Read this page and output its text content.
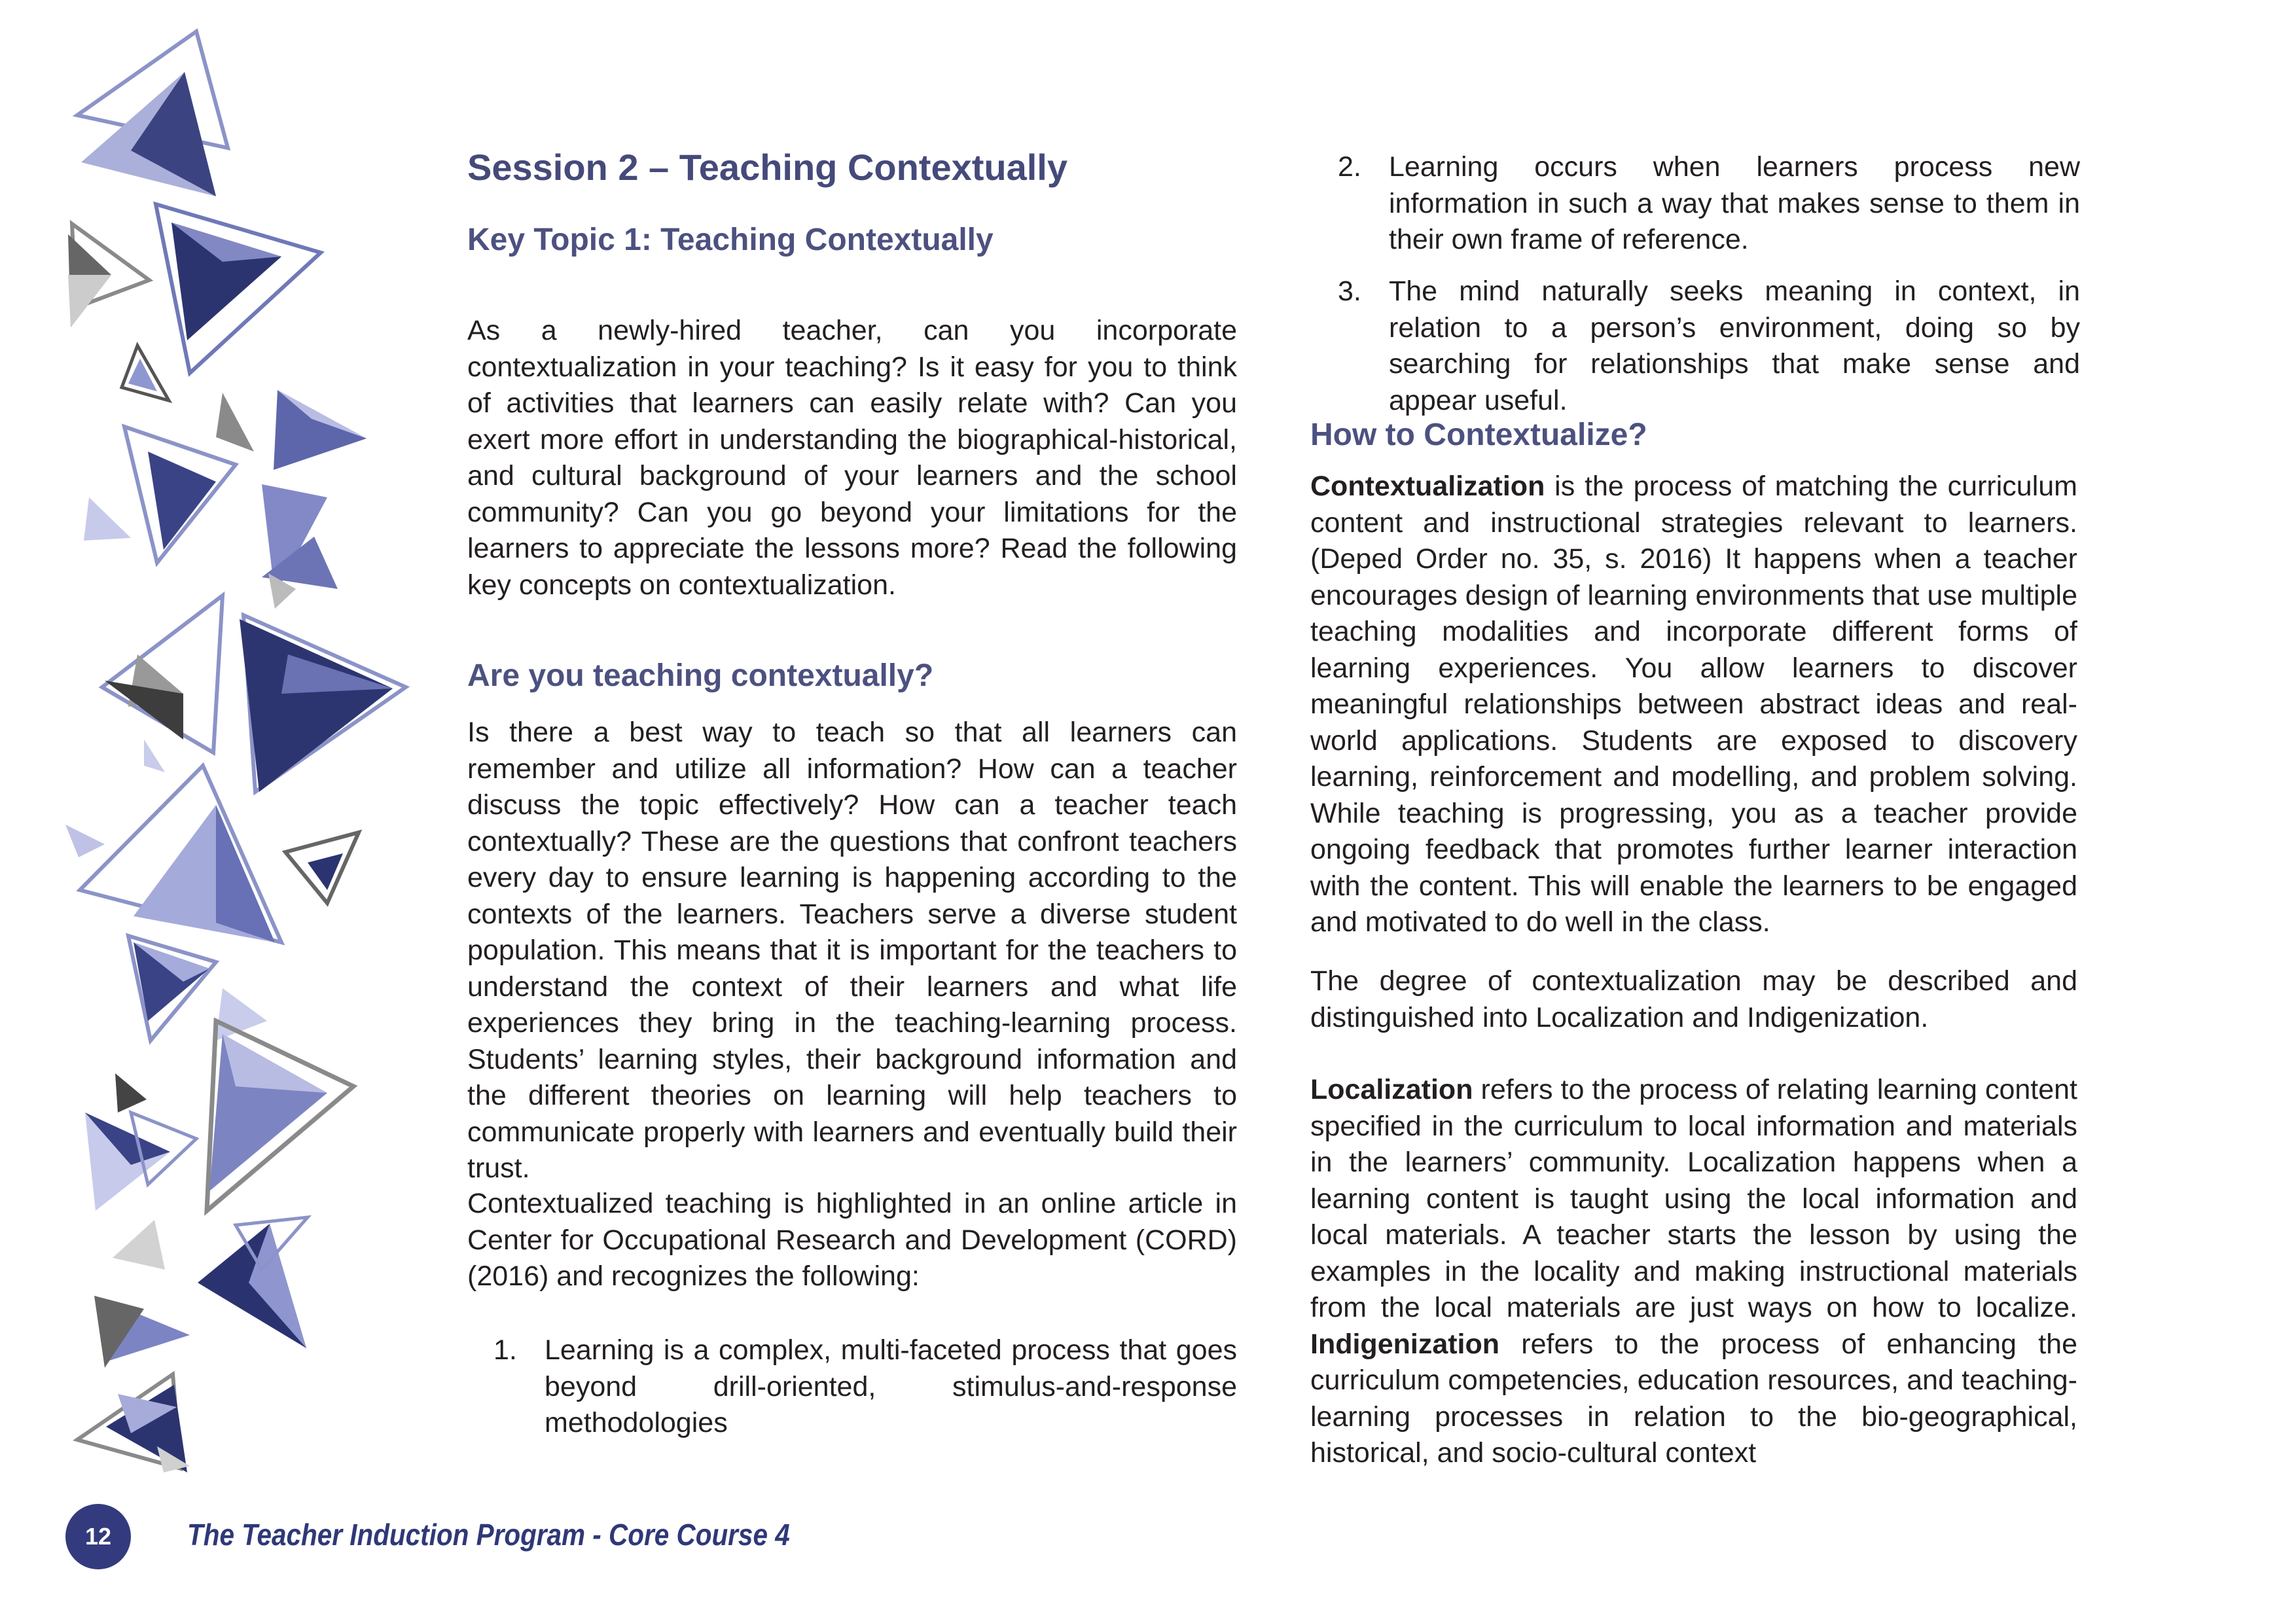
Session 2 – Teaching Contextually
Key Topic 1: Teaching Contextually

As a newly-hired teacher, can you incorporate contextualization in your teaching? Is it easy for you to think of activities that learners can easily relate with? Can you exert more effort in understanding the biographical-historical, and cultural background of your learners and the school community? Can you go beyond your limitations for the learners to appreciate the lessons more? Read the following key concepts on contextualization.

Are you teaching contextually?

Is there a best way to teach so that all learners can remember and utilize all information? How can a teacher discuss the topic effectively? How can a teacher teach contextually? These are the questions that confront teachers every day to ensure learning is happening according to the contexts of the learners. Teachers serve a diverse student population. This means that it is important for the teachers to understand the context of their learners and what life experiences they bring in the teaching-learning process. Students’ learning styles, their background information and the different theories on learning will help teachers to communicate properly with learners and eventually build their trust.

Contextualized teaching is highlighted in an online article in Center for Occupational Research and Development (CORD) (2016) and recognizes the following:

1. Learning is a complex, multi-faceted process that goes beyond drill-oriented, stimulus-and-response methodologies
2. Learning occurs when learners process new information in such a way that makes sense to them in their own frame of reference.
3. The mind naturally seeks meaning in context, in relation to a person’s environment, doing so by searching for relationships that make sense and appear useful.
How to Contextualize?

Contextualization is the process of matching the curriculum content and instructional strategies relevant to learners. (Deped Order no. 35, s. 2016) It happens when a teacher encourages design of learning environments that use multiple teaching modalities and incorporate different forms of learning experiences. You allow learners to discover meaningful relationships between abstract ideas and real-world applications. Students are exposed to discovery learning, reinforcement and modelling, and problem solving. While teaching is progressing, you as a teacher provide ongoing feedback that promotes further learner interaction with the content. This will enable the learners to be engaged and motivated to do well in the class.

The degree of contextualization may be described and distinguished into Localization and Indigenization.

Localization refers to the process of relating learning content specified in the curriculum to local information and materials in the learners’ community. Localization happens when a learning content is taught using the local information and local materials. A teacher starts the lesson by using the examples in the locality and making instructional materials from the local materials are just ways on how to localize. Indigenization refers to the process of enhancing the curriculum competencies, education resources, and teaching-learning processes in relation to the bio-geographical, historical, and socio-cultural context

12	The Teacher Induction Program - Core Course 4
